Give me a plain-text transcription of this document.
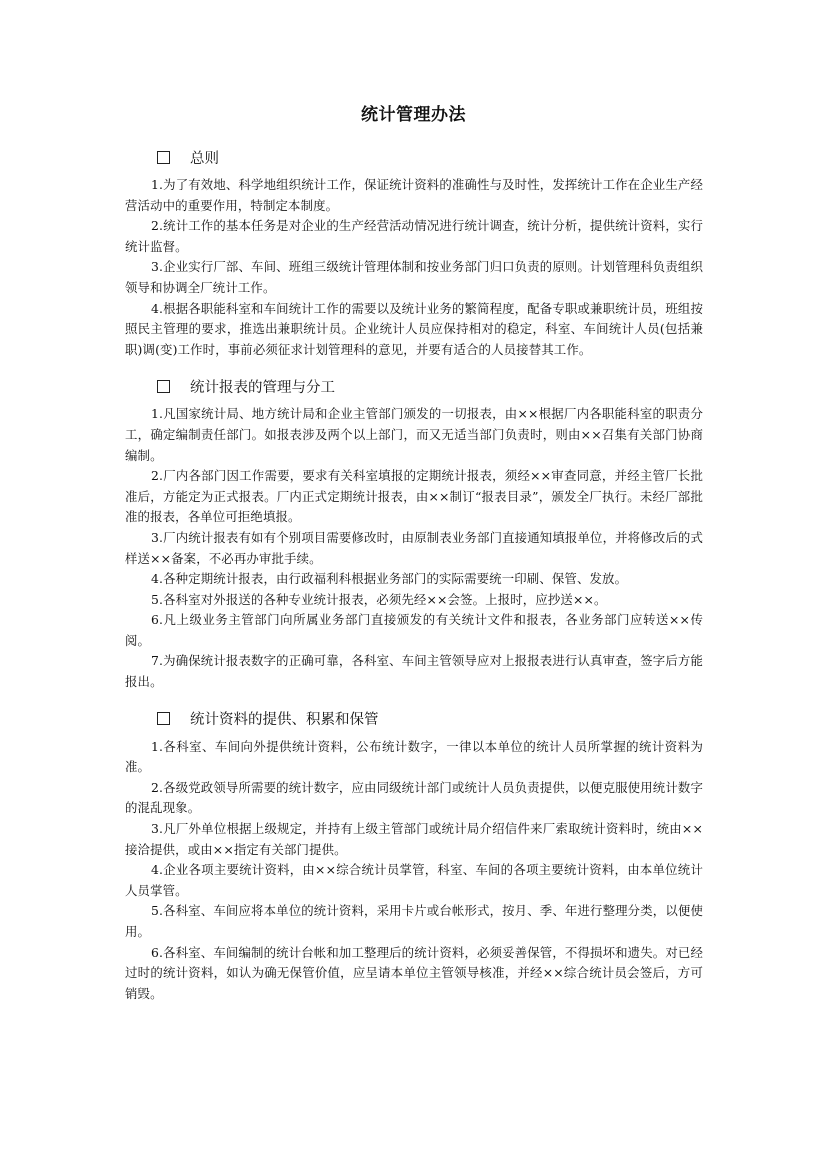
统计管理办法
总则

1.为了有效地、科学地组织统计工作，保证统计资料的准确性与及时性，发挥统计工作在企业生产经营活动中的重要作用，特制定本制度。

2.统计工作的基本任务是对企业的生产经营活动情况进行统计调查，统计分析，提供统计资料，实行统计监督。

3.企业实行厂部、车间、班组三级统计管理体制和按业务部门归口负责的原则。计划管理科负责组织领导和协调全厂统计工作。

4.根据各职能科室和车间统计工作的需要以及统计业务的繁简程度，配备专职或兼职统计员，班组按照民主管理的要求，推选出兼职统计员。企业统计人员应保持相对的稳定，科室、车间统计人员(包括兼职)调(变)工作时，事前必须征求计划管理科的意见，并要有适合的人员接替其工作。

统计报表的管理与分工

1.凡国家统计局、地方统计局和企业主管部门颁发的一切报表，由××根据厂内各职能科室的职责分工，确定编制责任部门。如报表涉及两个以上部门，而又无适当部门负责时，则由××召集有关部门协商编制。

2.厂内各部门因工作需要，要求有关科室填报的定期统计报表，须经××审查同意，并经主管厂长批准后，方能定为正式报表。厂内正式定期统计报表，由××制订“报表目录”，颁发全厂执行。未经厂部批准的报表，各单位可拒绝填报。

3.厂内统计报表有如有个别项目需要修改时，由原制表业务部门直接通知填报单位，并将修改后的式样送××备案，不必再办审批手续。

4.各种定期统计报表，由行政福利科根据业务部门的实际需要统一印刷、保管、发放。

5.各科室对外报送的各种专业统计报表，必须先经××会签。上报时，应抄送××。

6.凡上级业务主管部门向所属业务部门直接颁发的有关统计文件和报表，各业务部门应转送××传阅。

7.为确保统计报表数字的正确可靠，各科室、车间主管领导应对上报报表进行认真审查，签字后方能报出。

统计资料的提供、积累和保管

1.各科室、车间向外提供统计资料，公布统计数字，一律以本单位的统计人员所掌握的统计资料为准。

2.各级党政领导所需要的统计数字，应由同级统计部门或统计人员负责提供，以便克服使用统计数字的混乱现象。

3.凡厂外单位根据上级规定，并持有上级主管部门或统计局介绍信件来厂索取统计资料时，统由××接洽提供，或由××指定有关部门提供。

4.企业各项主要统计资料，由××综合统计员掌管，科室、车间的各项主要统计资料，由本单位统计人员掌管。

5.各科室、车间应将本单位的统计资料，采用卡片或台帐形式，按月、季、年进行整理分类，以便使用。

6.各科室、车间编制的统计台帐和加工整理后的统计资料，必须妥善保管，不得损坏和遗失。对已经过时的统计资料，如认为确无保管价值，应呈请本单位主管领导核准，并经××综合统计员会签后，方可销毁。
